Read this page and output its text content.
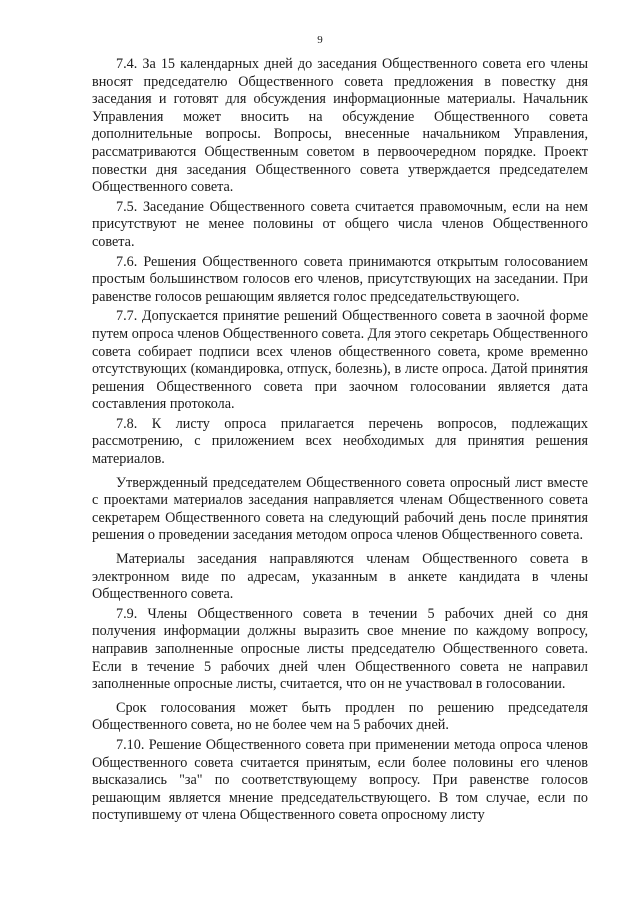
9

7.4. За 15 календарных дней до заседания Общественного совета его члены вносят председателю Общественного совета предложения в повестку дня заседания и готовят для обсуждения информационные материалы. Начальник Управления может вносить на обсуждение Общественного совета дополнительные вопросы. Вопросы, внесенные начальником Управления, рассматриваются Общественным советом в первоочередном порядке. Проект повестки дня заседания Общественного совета утверждается председателем Общественного совета.

7.5. Заседание Общественного совета считается правомочным, если на нем присутствуют не менее половины от общего числа членов Общественного совета.

7.6. Решения Общественного совета принимаются открытым голосованием простым большинством голосов его членов, присутствующих на заседании. При равенстве голосов решающим является голос председательствующего.

7.7. Допускается принятие решений Общественного совета в заочной форме путем опроса членов Общественного совета. Для этого секретарь Общественного совета собирает подписи всех членов общественного совета, кроме временно отсутствующих (командировка, отпуск, болезнь), в листе опроса. Датой принятия решения Общественного совета при заочном голосовании является дата составления протокола.

7.8. К листу опроса прилагается перечень вопросов, подлежащих рассмотрению, с приложением всех необходимых для принятия решения материалов.

Утвержденный председателем Общественного совета опросный лист вместе с проектами материалов заседания направляется членам Общественного совета секретарем Общественного совета на следующий рабочий день после принятия решения о проведении заседания методом опроса членов Общественного совета.

Материалы заседания направляются членам Общественного совета в электронном виде по адресам, указанным в анкете кандидата в члены Общественного совета.

7.9. Члены Общественного совета в течении 5 рабочих дней со дня получения информации должны выразить свое мнение по каждому вопросу, направив заполненные опросные листы председателю Общественного совета. Если в течение 5 рабочих дней член Общественного совета не направил заполненные опросные листы, считается, что он не участвовал в голосовании.

Срок голосования может быть продлен по решению председателя Общественного совета, но не более чем на 5 рабочих дней.

7.10. Решение Общественного совета при применении метода опроса членов Общественного совета считается принятым, если более половины его членов высказались "за" по соответствующему вопросу. При равенстве голосов решающим является мнение председательствующего. В том случае, если по поступившему от члена Общественного совета опросному листу
